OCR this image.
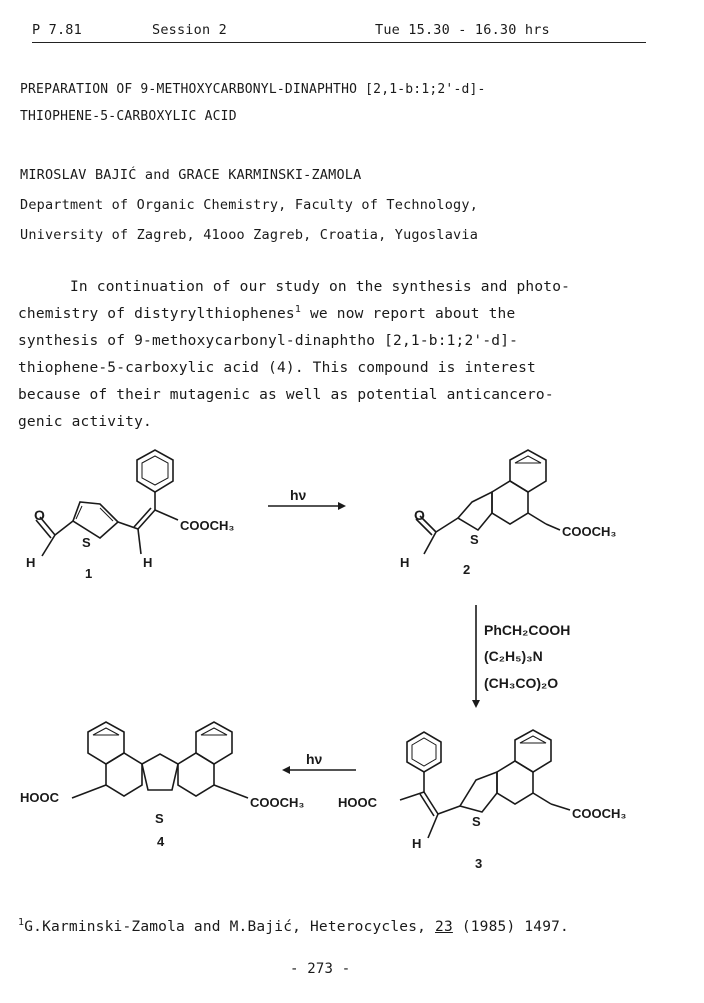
P 7.81	Session 2	Tue 15.30 - 16.30 hrs
PREPARATION OF 9-METHOXYCARBONYL-DINAPHTHO [2,1-b:1;2'-d]-
THIOPHENE-5-CARBOXYLIC ACID
MIROSLAV BAJIĆ and GRACE KARMINSKI-ZAMOLA
Department of Organic Chemistry, Faculty of Technology,
University of Zagreb, 41ooo Zagreb, Croatia, Yugoslavia
In continuation of our study on the synthesis and photo-
chemistry of distyrylthiophenes$^1$ we now report about the
synthesis of 9-methoxycarbonyl-dinaphtho [2,1-b:1;2'-d]-
thiophene-5-carboxylic acid (4). This compound is interest
because of their mutagenic as well as potential anticancero-
genic activity.
O
H	H
S
COOCH₃
1
hν
O
H
S
COOCH₃
2
PhCH₂COOH
(C₂H₅)₃N
(CH₃CO)₂O
HOOC
H
S
COOCH₃
3
hν
HOOC
S
COOCH₃
4
$^1$G.Karminski-Zamola and M.Bajić, Heterocycles, 23 (1985) 1497.
- 273 -
